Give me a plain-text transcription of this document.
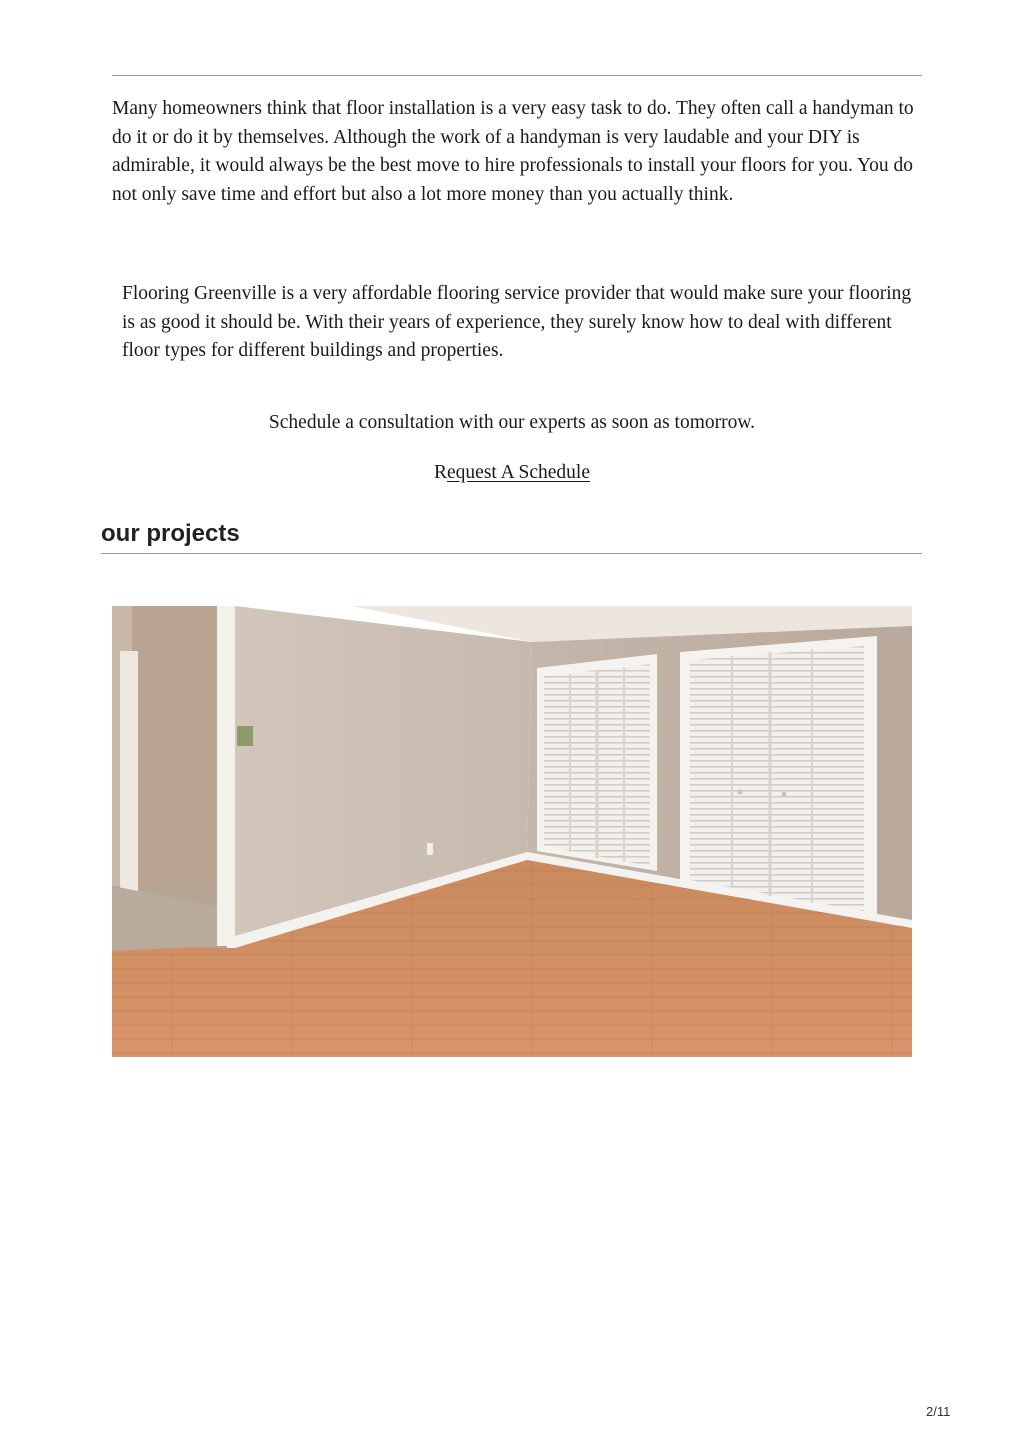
Many homeowners think that floor installation is a very easy task to do. They often call a handyman to do it or do it by themselves. Although the work of a handyman is very laudable and your DIY is admirable, it would always be the best move to hire professionals to install your floors for you. You do not only save time and effort but also a lot more money than you actually think.

Flooring Greenville is a very affordable flooring service provider that would make sure your flooring is as good it should be. With their years of experience, they surely know how to deal with different floor types for different buildings and properties.

Schedule a consultation with our experts as soon as tomorrow.

Request A Schedule
our projects
2/11
